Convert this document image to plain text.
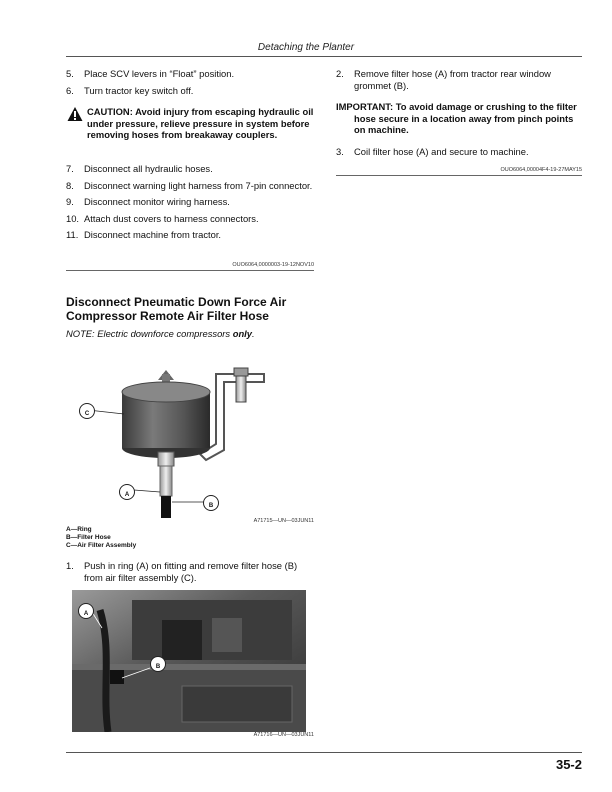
Detaching the Planter
5. Place SCV levers in “Float” position.
6. Turn tractor key switch off.
CAUTION: Avoid injury from escaping hydraulic oil under pressure, relieve pressure in system before removing hoses from breakaway couplers.
7. Disconnect all hydraulic hoses.
8. Disconnect warning light harness from 7-pin connector.
9. Disconnect monitor wiring harness.
10. Attach dust covers to harness connectors.
11. Disconnect machine from tractor.
OUO6064,0000003-19-12NOV10
Disconnect Pneumatic Down Force Air Compressor Remote Air Filter Hose
NOTE: Electric downforce compressors only.
C
A
B
A71715—UN—03JUN11
A—Ring
B—Filter Hose
C—Air Filter Assembly
1. Push in ring (A) on fitting and remove filter hose (B) from air filter assembly (C).
A
B
A71716—UN—03JUN11
2. Remove filter hose (A) from tractor rear window grommet (B).
IMPORTANT: To avoid damage or crushing to the filter hose secure in a location away from pinch points on machine.
3. Coil filter hose (A) and secure to machine.
OUO6064,00004F4-19-27MAY15
35-2
